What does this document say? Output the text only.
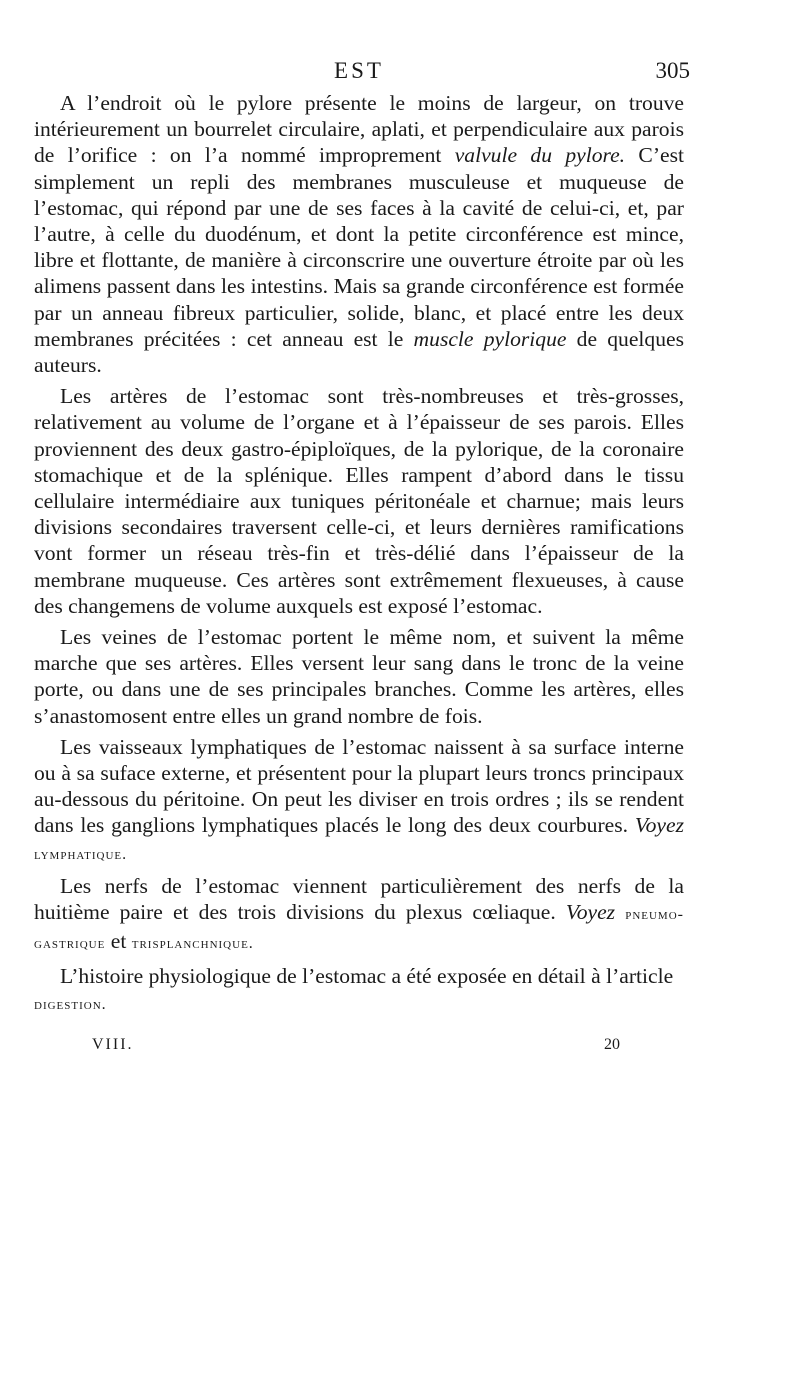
EST	305

A l’endroit où le pylore présente le moins de largeur, on trouve intérieurement un bourrelet circulaire, aplati, et perpendiculaire aux parois de l’orifice : on l’a nommé improprement valvule du pylore. C’est simplement un repli des membranes musculeuse et muqueuse de l’estomac, qui répond par une de ses faces à la cavité de celui-ci, et, par l’autre, à celle du duodénum, et dont la petite circonférence est mince, libre et flottante, de manière à circonscrire une ouverture étroite par où les alimens passent dans les intestins. Mais sa grande circonférence est formée par un anneau fibreux particulier, solide, blanc, et placé entre les deux membranes précitées : cet anneau est le muscle pylorique de quelques auteurs.

Les artères de l’estomac sont très-nombreuses et très-grosses, relativement au volume de l’organe et à l’épaisseur de ses parois. Elles proviennent des deux gastro-épiploïques, de la pylorique, de la coronaire stomachique et de la splénique. Elles rampent d’abord dans le tissu cellulaire intermédiaire aux tuniques péritonéale et charnue; mais leurs divisions secondaires traversent celle-ci, et leurs dernières ramifications vont former un réseau très-fin et très-délié dans l’épaisseur de la membrane muqueuse. Ces artères sont extrêmement flexueuses, à cause des changemens de volume auxquels est exposé l’estomac.

Les veines de l’estomac portent le même nom, et suivent la même marche que ses artères. Elles versent leur sang dans le tronc de la veine porte, ou dans une de ses principales branches. Comme les artères, elles s’anastomosent entre elles un grand nombre de fois.

Les vaisseaux lymphatiques de l’estomac naissent à sa surface interne ou à sa suface externe, et présentent pour la plupart leurs troncs principaux au-dessous du péritoine. On peut les diviser en trois ordres ; ils se rendent dans les ganglions lymphatiques placés le long des deux courbures. Voyez lymphatique.

Les nerfs de l’estomac viennent particulièrement des nerfs de la huitième paire et des trois divisions du plexus cœliaque. Voyez pneumo-gastrique et trisplanchnique.

L’histoire physiologique de l’estomac a été exposée en détail à l’article digestion.

VIII.	20
